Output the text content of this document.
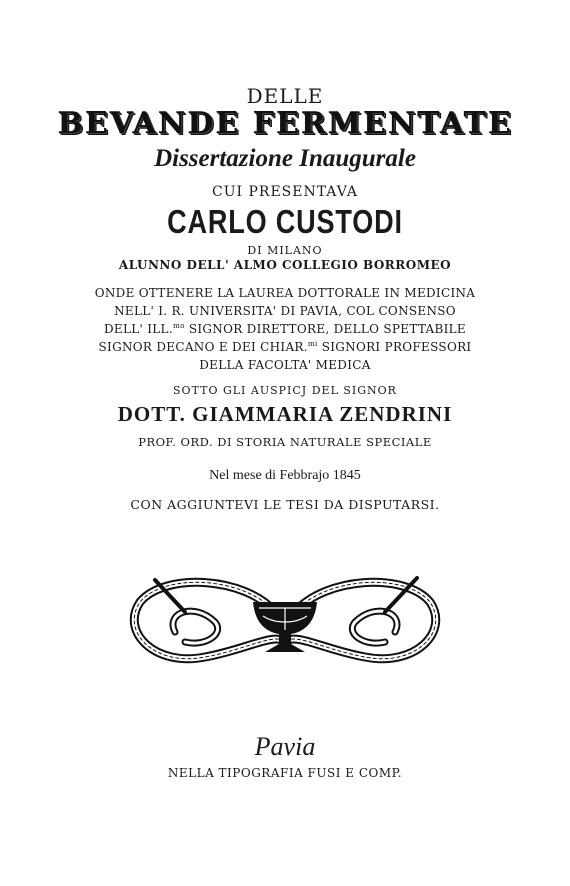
DELLE
BEVANDE FERMENTATE
Dissertazione Inaugurale
CUI PRESENTAVA
CARLO CUSTODI
DI MILANO
ALUNNO DELL' ALMO COLLEGIO BORROMEO
ONDE OTTENERE LA LAUREA DOTTORALE IN MEDICINA
NELL' I. R. UNIVERSITA' DI PAVIA, COL CONSENSO
DELL' ILL.$^{mo}$ SIGNOR DIRETTORE, DELLO SPETTABILE
SIGNOR DECANO E DEI CHIAR.$^{mi}$ SIGNORI PROFESSORI
DELLA FACOLTA' MEDICA
SOTTO GLI AUSPICJ DEL SIGNOR
DOTT. GIAMMARIA ZENDRINI
PROF. ORD. DI STORIA NATURALE SPECIALE
Nel mese di Febbrajo 1845
CON AGGIUNTEVI LE TESI DA DISPUTARSI.
Pavia
NELLA TIPOGRAFIA FUSI E COMP.
